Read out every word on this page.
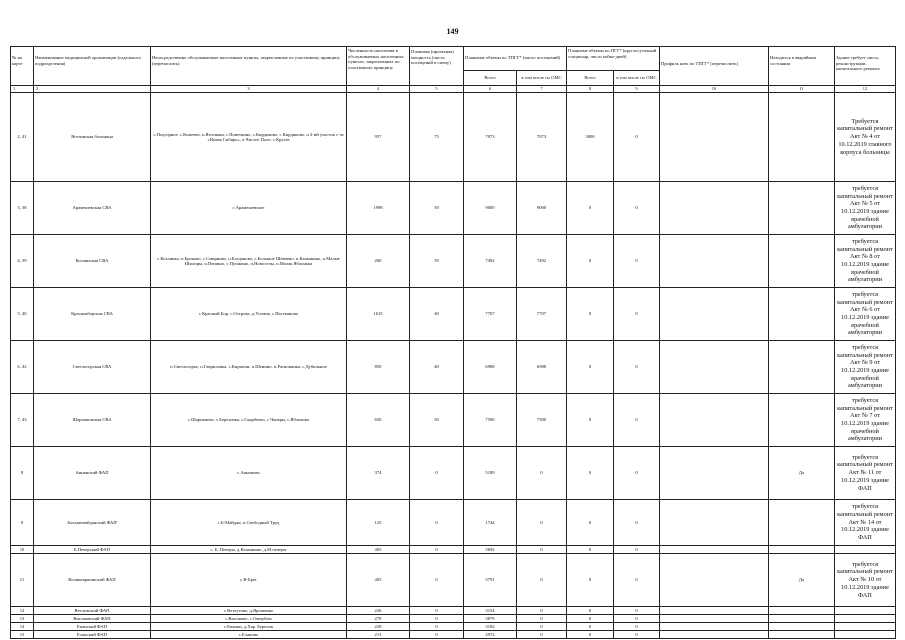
149
№ на карте	Наименование медицинской организации (отдельного подразделения)	Непосредственно обслуживаемые населенные пункты, закрепленные по участковому принципу (перечислить)	Численность населения в обслуживаемых населенных пунктах, закрепленных по участковому принципу	Плановая (проектная) мощность (число посещений в смену)	Плановые объемы по ТПГГ* (число посещений)		Плановые объемы по ПГГ* (круглосуточный стационар, число койко-дней)		Профиль коек по ТПГГ* (перечислить)	Находится в аварийном состоянии	Здание требует сноса, реконструкции, капитального ремонта
					Всего	в том числе по ОМС	Всего	в том числе по ОМС			
1	2	3	4	5	6	7	8	9	10	11	12
2, 41	Яготинская больница	с.Подгорное, с.Кипеево, п.Яготинка, с.Поветкино, с.Кирдиково, с.Кирдиково, п.3-ий участок с-за «Новая Сибирь», п.Чистое Поле, с.Кругле	957	75	7073	7073	3000	0			Требуется капитальный ремонт Акт № 4 от 10.12.2019 главного корпуса больницы
3, 38	Арамешевская СВА	с.Арамешевское	1998	50	9000	9000	0	0			требуется капитальный ремонт Акт № 5 от 10.12.2019 здание врачебной амбулатории
4, 39	Козлинская СВА	с.Козлинка, п.Броково, с.Смирново, п.Богданово, с.Большое Шевчено, п.Казанкино, п.Малые Шилпры, п.Пешино, с.Пушкино, п.Новоселы, п.Малая Яблонька	260	50	7492	7492	0	0			требуется капитальный ремонт Акт № 8 от 10.12.2019 здание врачебной амбулатории
5, 40	Краснояборская СВА	с.Красный Бор, с.Острова, д.Усомна, с.Пасеканово	1615	40	7707	7707	0	0			требуется капитальный ремонт Акт № 6 от 10.12.2019 здание врачебной амбулатории
6, 42	Светлогорская СВА	п.Светлогорье, п.Гавриловка, с.Кирпичи, п.Шенино, п.Ратновинка, с.Дубильное	850	40	6988	6988	0	0			требуется капитальный ремонт Акт № 9 от 10.12.2019 здание врачебной амбулатории
7, 43	Шарпановская СВА	с.Шарпаново, с.Березовка, с.Скарбеево, с.Чапары, с.Яблоково	650	50	7500	7500	0	0			требуется капитальный ремонт Акт № 7 от 10.12.2019 здание врачебной амбулатории
8	Анненский ФАП	с.Анненово	374	0	5189	0	0	0		Да	требуется капитальный ремонт Акт № 11 от 10.12.2019 здание ФАП
9	Большемайданский ФАП	с.Б-Майдан, п.Свободный Труд	125	0	1744	0	0	0			требуется капитальный ремонт Акт № 14 от 10.12.2019 здание ФАП
10	Б.Печерский ФАП	с. Б. Печеры, д.Казанкино, д.М.печеры	405	0	5692	0	0	0			
11	Великовршинский ФАП	с.В-Брег	405	0	5791	0	0	0		Да	требуется капитальный ремонт Акт № 10 от 10.12.2019 здание ФАП
12	Ветлужский ФАП	с.Ветлугово, д.Ярошенко	226	0	3154	0	0	0			
13	Высоковский ФАП	с.Высоково, с.Ожерблю	278	0	3879	0	0	0			
14	Епанский ФАП	с.Епанки, д.Хар. Берелок	228	0	3182	0	0	0			
15	Еланский ФАП	с.Еланово	213	0	2972	0	0	0			
